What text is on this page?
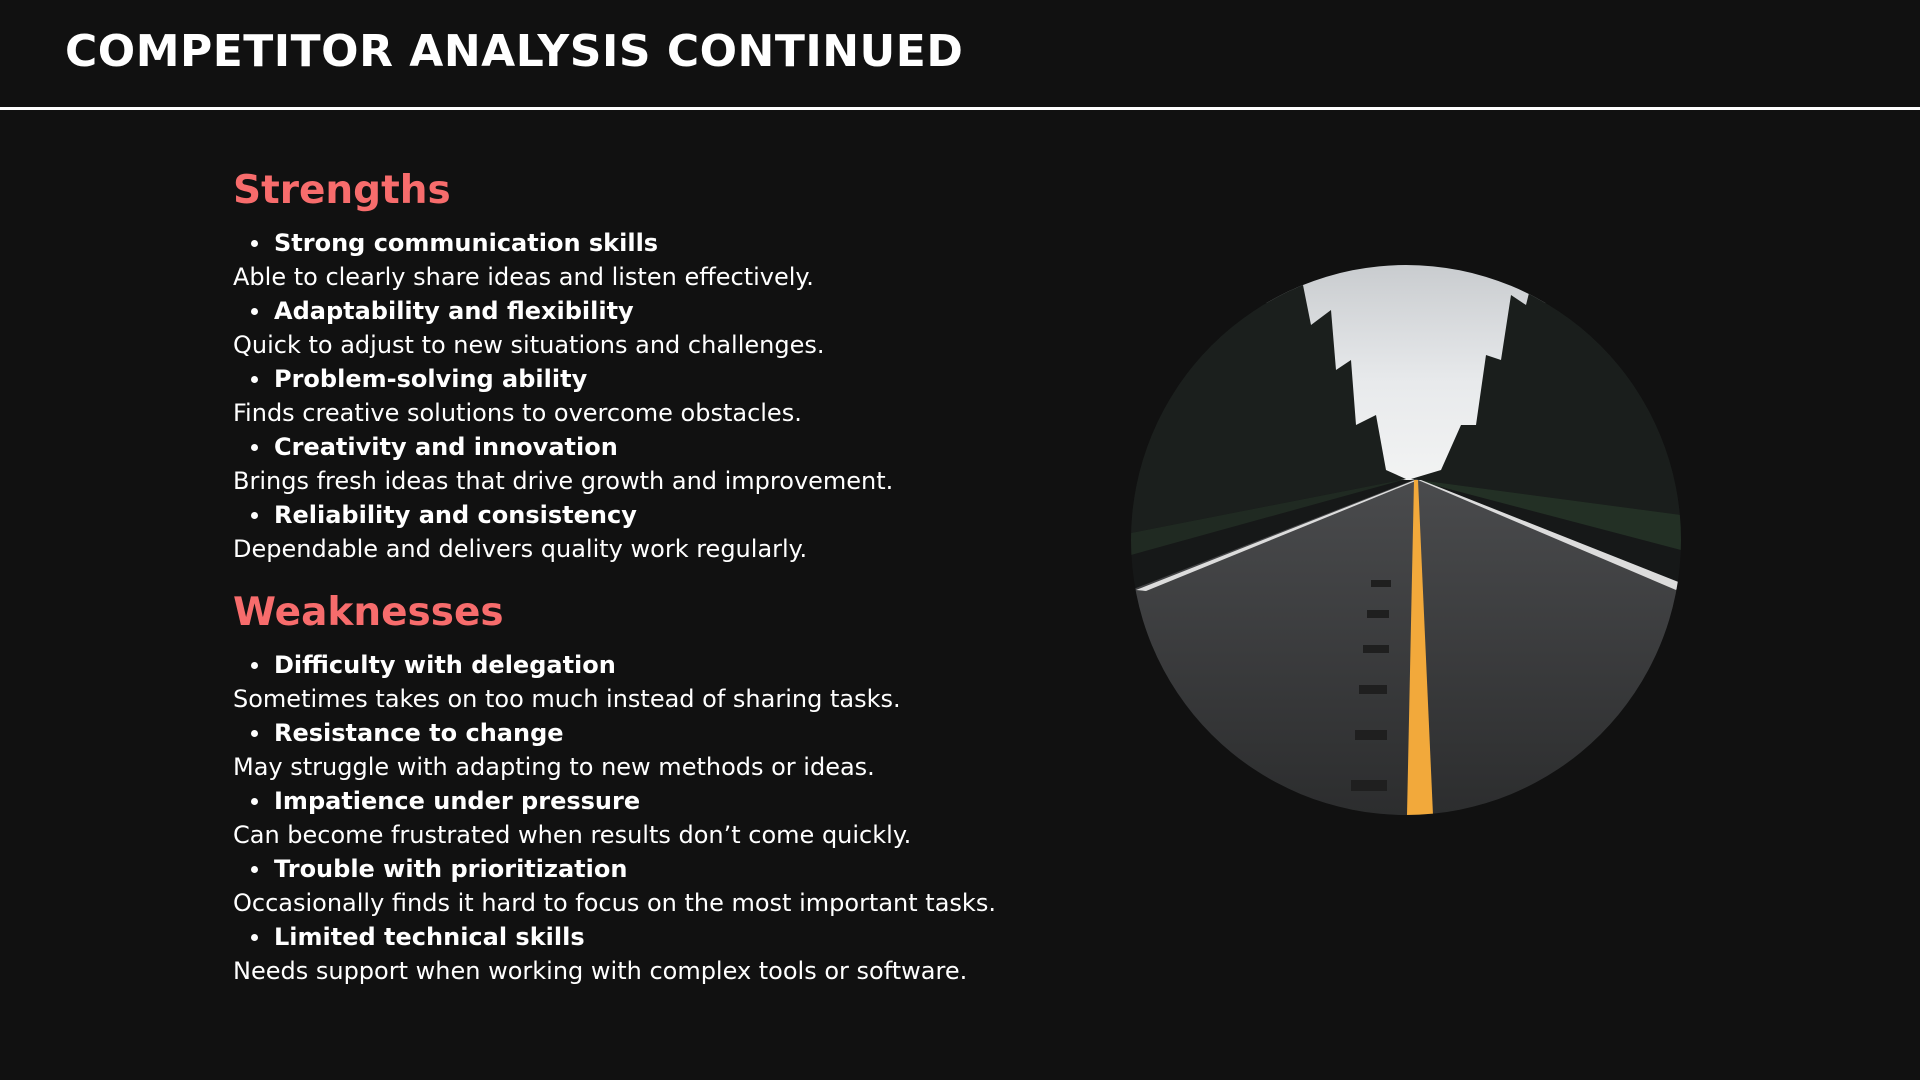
COMPETITOR ANALYSIS CONTINUED
Strengths
Strong communication skills
Able to clearly share ideas and listen effectively.
Adaptability and flexibility
Quick to adjust to new situations and challenges.
Problem-solving ability
Finds creative solutions to overcome obstacles.
Creativity and innovation
Brings fresh ideas that drive growth and improvement.
Reliability and consistency
Dependable and delivers quality work regularly.
Weaknesses
Difficulty with delegation
Sometimes takes on too much instead of sharing tasks.
Resistance to change
May struggle with adapting to new methods or ideas.
Impatience under pressure
Can become frustrated when results don’t come quickly.
Trouble with prioritization
Occasionally finds it hard to focus on the most important tasks.
Limited technical skills
Needs support when working with complex tools or software.
